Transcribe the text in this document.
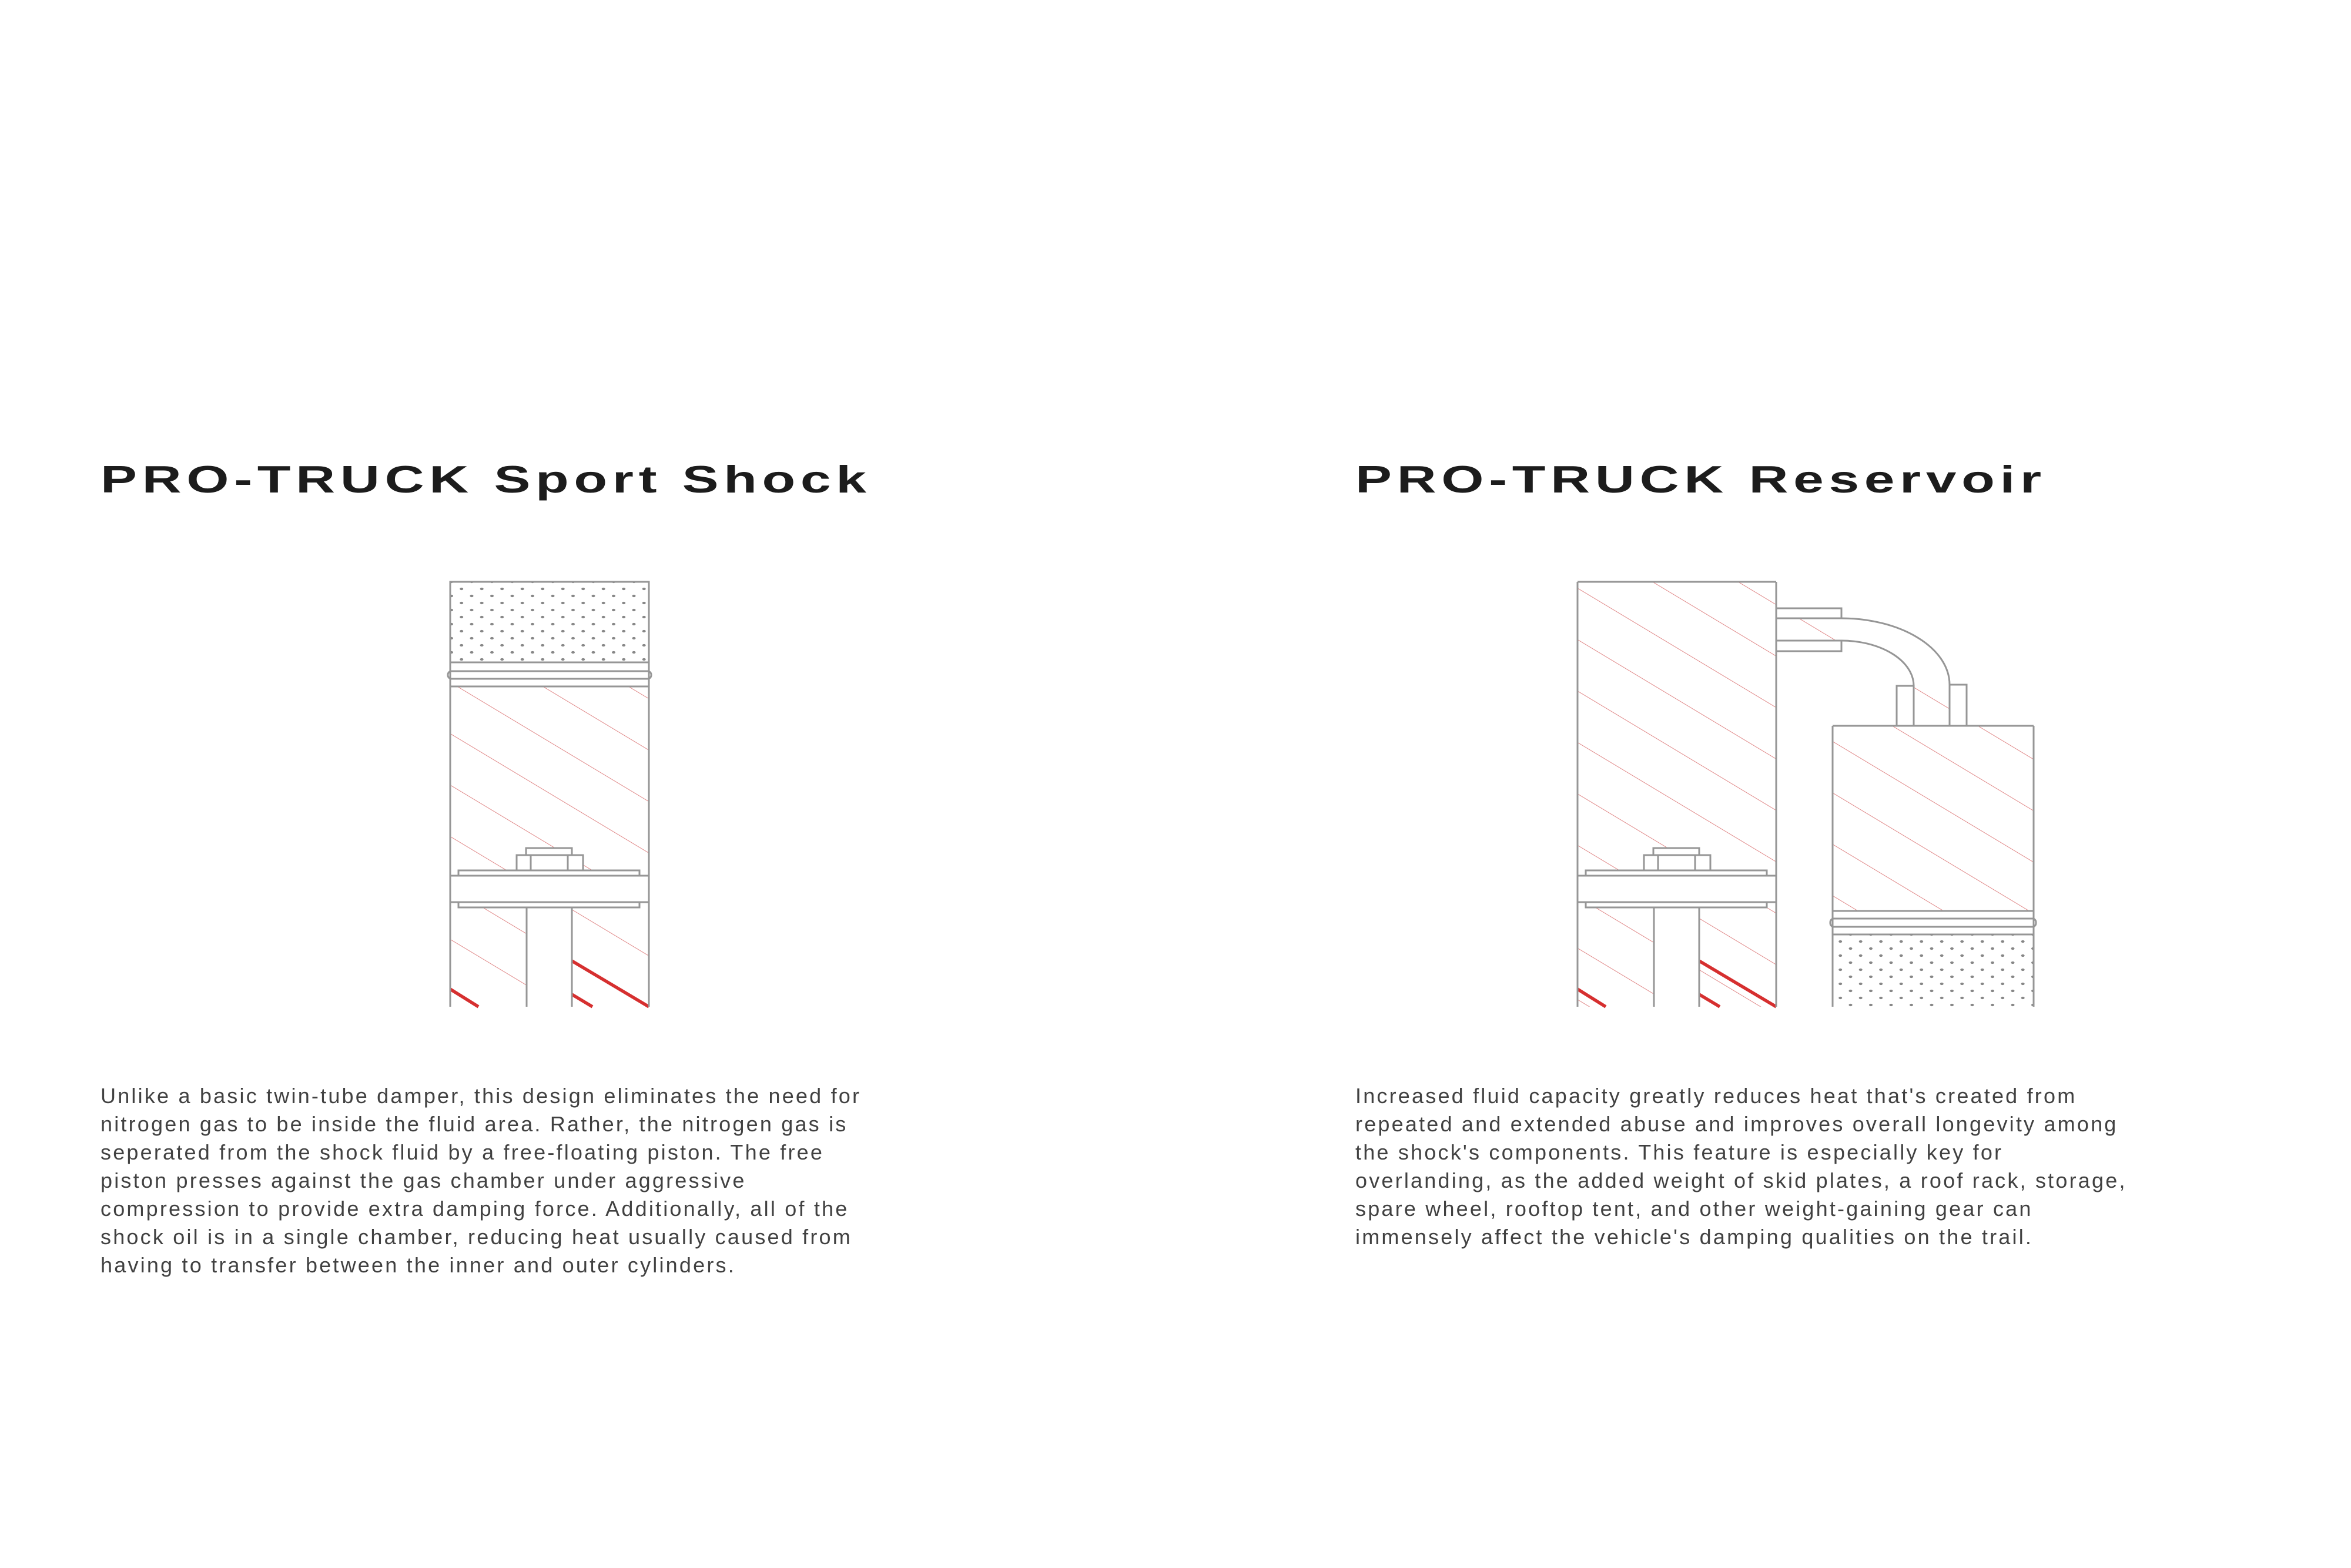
PRO-TRUCK Sport Shock	PRO-TRUCK Reservoir
Unlike a basic twin-tube damper, this design eliminates the need for
nitrogen gas to be inside the fluid area. Rather, the nitrogen gas is
seperated from the shock fluid by a free-floating piston. The free
piston presses against the gas chamber under aggressive
compression to provide extra damping force. Additionally, all of the
shock oil is in a single chamber, reducing heat usually caused from
having to transfer between the inner and outer cylinders.
Increased fluid capacity greatly reduces heat that's created from
repeated and extended abuse and improves overall longevity among
the shock's components. This feature is especially key for
overlanding, as the added weight of skid plates, a roof rack, storage,
spare wheel, rooftop tent, and other weight-gaining gear can
immensely affect the vehicle's damping qualities on the trail.
